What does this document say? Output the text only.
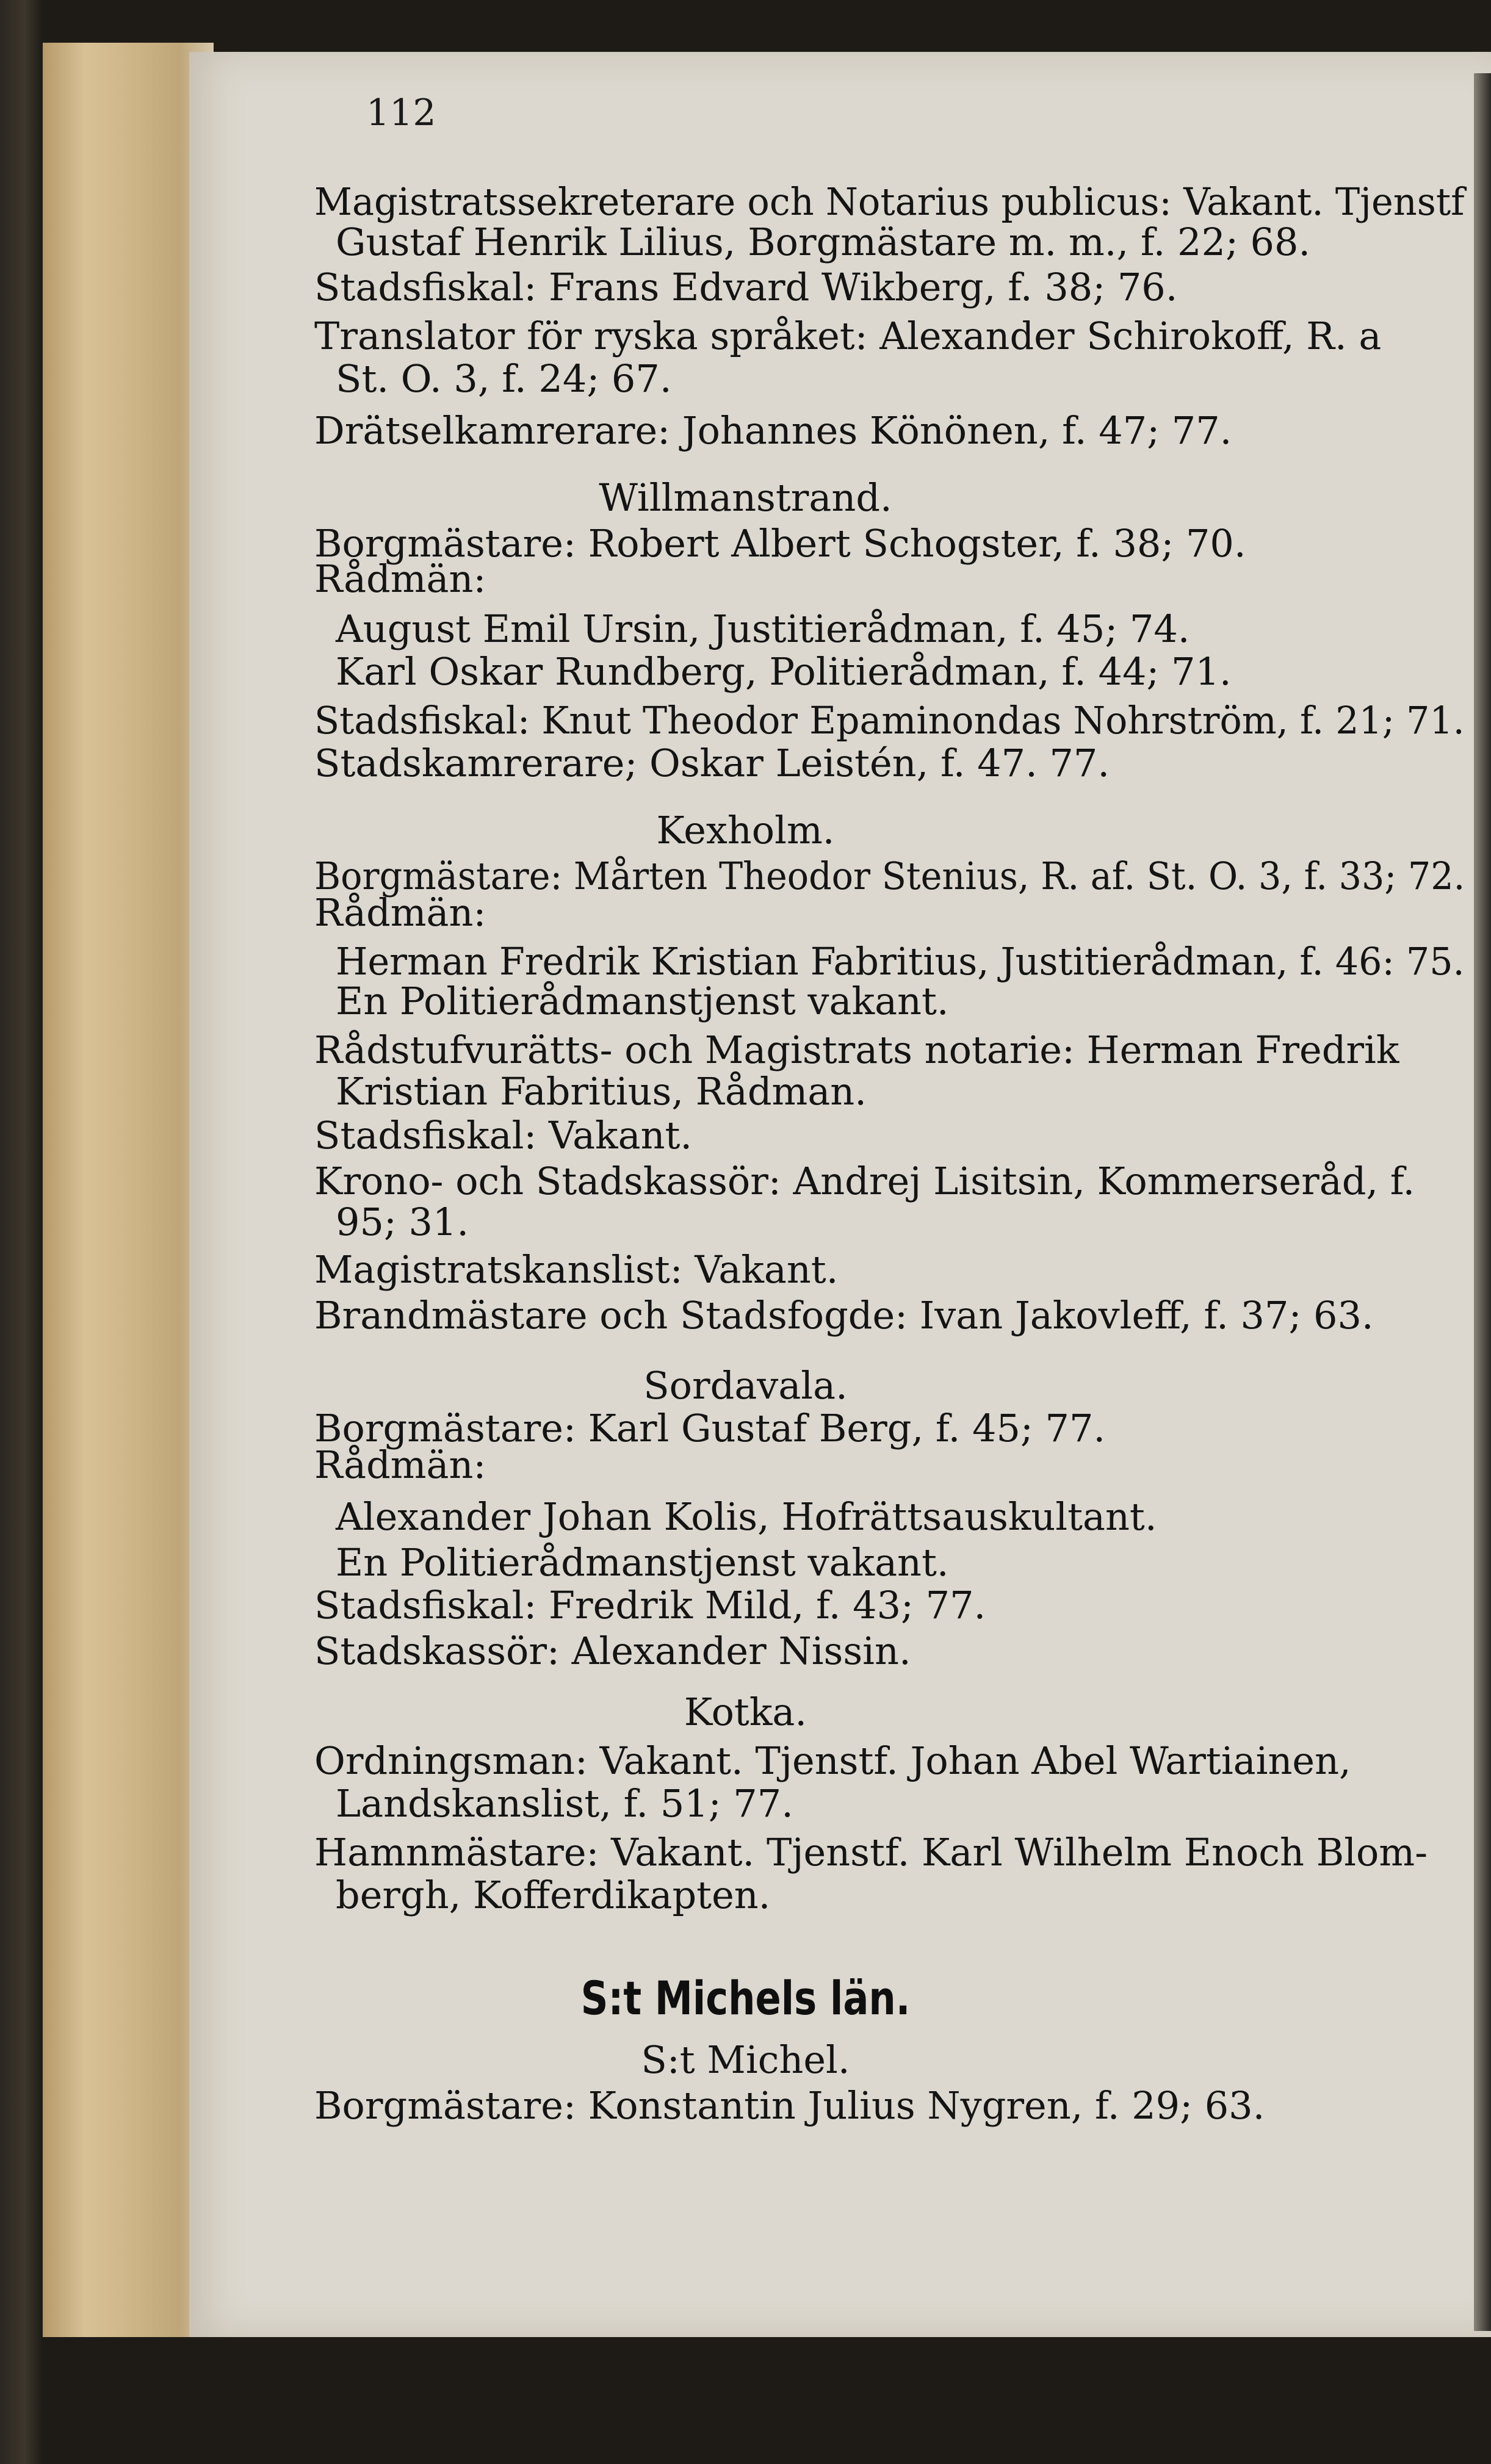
112
Magistratssekreterare och Notarius publicus: Vakant. Tjenstf
Gustaf Henrik Lilius, Borgmästare m. m., f. 22; 68.
Stadsfiskal: Frans Edvard Wikberg, f. 38; 76.
Translator för ryska språket: Alexander Schirokoff, R. a
St. O. 3, f. 24; 67.
Drätselkamrerare: Johannes Könönen, f. 47; 77.
Willmanstrand.
Borgmästare: Robert Albert Schogster, f. 38; 70.
Rådmän:
August Emil Ursin, Justitierådman, f. 45; 74.
Karl Oskar Rundberg, Politierådman, f. 44; 71.
Stadsfiskal: Knut Theodor Epaminondas Nohrström, f. 21; 71.
Stadskamrerare; Oskar Leistén, f. 47. 77.
Kexholm.
Borgmästare: Mårten Theodor Stenius, R. af. St. O. 3, f. 33; 72.
Rådmän:
Herman Fredrik Kristian Fabritius, Justitierådman, f. 46: 75.
En Politierådmanstjenst vakant.
Rådstufvurätts- och Magistrats notarie: Herman Fredrik
Kristian Fabritius, Rådman.
Stadsfiskal: Vakant.
Krono- och Stadskassör: Andrej Lisitsin, Kommerseråd, f.
95; 31.
Magistratskanslist: Vakant.
Brandmästare och Stadsfogde: Ivan Jakovleff, f. 37; 63.
Sordavala.
Borgmästare: Karl Gustaf Berg, f. 45; 77.
Rådmän:
Alexander Johan Kolis, Hofrättsauskultant.
En Politierådmanstjenst vakant.
Stadsfiskal: Fredrik Mild, f. 43; 77.
Stadskassör: Alexander Nissin.
Kotka.
Ordningsman: Vakant. Tjenstf. Johan Abel Wartiainen,
Landskanslist, f. 51; 77.
Hamnmästare: Vakant. Tjenstf. Karl Wilhelm Enoch Blom-
bergh, Kofferdikapten.
S:t Michels län.
S:t Michel.
Borgmästare: Konstantin Julius Nygren, f. 29; 63.
